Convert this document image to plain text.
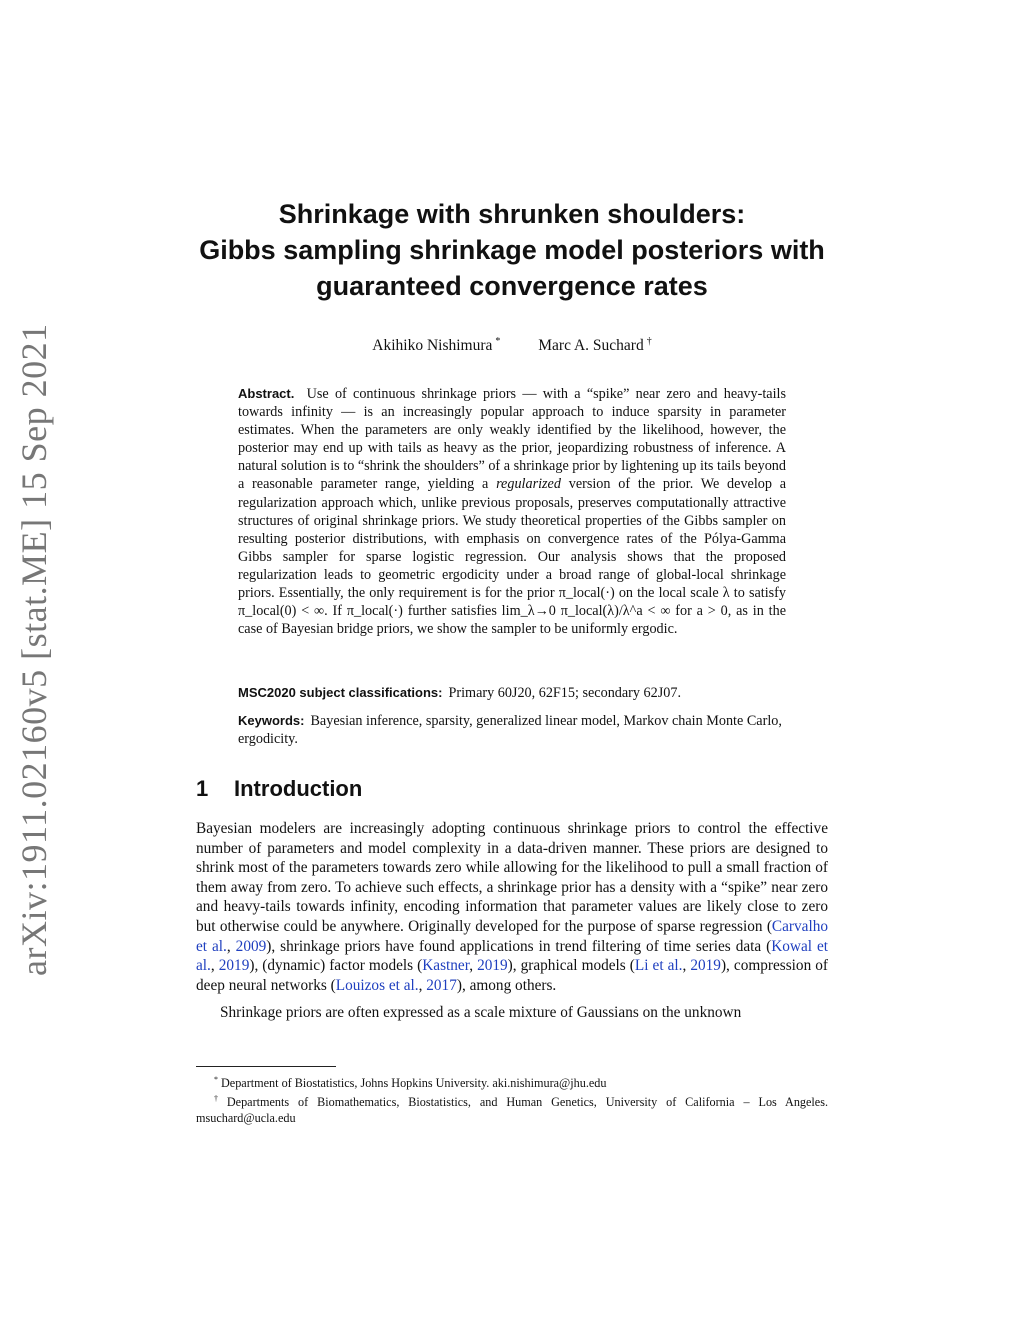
arXiv:1911.02160v5 [stat.ME] 15 Sep 2021
Shrinkage with shrunken shoulders:
Gibbs sampling shrinkage model posteriors with
guaranteed convergence rates
Akihiko Nishimura * Marc A. Suchard †
Abstract. Use of continuous shrinkage priors — with a “spike” near zero and heavy-tails towards infinity — is an increasingly popular approach to induce sparsity in parameter estimates. When the parameters are only weakly identified by the likelihood, however, the posterior may end up with tails as heavy as the prior, jeopardizing robustness of inference. A natural solution is to “shrink the shoulders” of a shrinkage prior by lightening up its tails beyond a reasonable parameter range, yielding a regularized version of the prior. We develop a regularization approach which, unlike previous proposals, preserves computationally attractive structures of original shrinkage priors. We study theoretical properties of the Gibbs sampler on resulting posterior distributions, with emphasis on convergence rates of the Pólya-Gamma Gibbs sampler for sparse logistic regression. Our analysis shows that the proposed regularization leads to geometric ergodicity under a broad range of global-local shrinkage priors. Essentially, the only requirement is for the prior π_local(·) on the local scale λ to satisfy π_local(0) < ∞. If π_local(·) further satisfies lim_λ→0 π_local(λ)/λ^a < ∞ for a > 0, as in the case of Bayesian bridge priors, we show the sampler to be uniformly ergodic.
MSC2020 subject classifications: Primary 60J20, 62F15; secondary 62J07.
Keywords: Bayesian inference, sparsity, generalized linear model, Markov chain Monte Carlo, ergodicity.
1 Introduction

Bayesian modelers are increasingly adopting continuous shrinkage priors to control the effective number of parameters and model complexity in a data-driven manner. These priors are designed to shrink most of the parameters towards zero while allowing for the likelihood to pull a small fraction of them away from zero. To achieve such effects, a shrinkage prior has a density with a “spike” near zero and heavy-tails towards infinity, encoding information that parameter values are likely close to zero but otherwise could be anywhere. Originally developed for the purpose of sparse regression (Carvalho et al., 2009), shrinkage priors have found applications in trend filtering of time series data (Kowal et al., 2019), (dynamic) factor models (Kastner, 2019), graphical models (Li et al., 2019), compression of deep neural networks (Louizos et al., 2017), among others.

Shrinkage priors are often expressed as a scale mixture of Gaussians on the unknown

* Department of Biostatistics, Johns Hopkins University. aki.nishimura@jhu.edu

† Departments of Biomathematics, Biostatistics, and Human Genetics, University of California – Los Angeles. msuchard@ucla.edu
